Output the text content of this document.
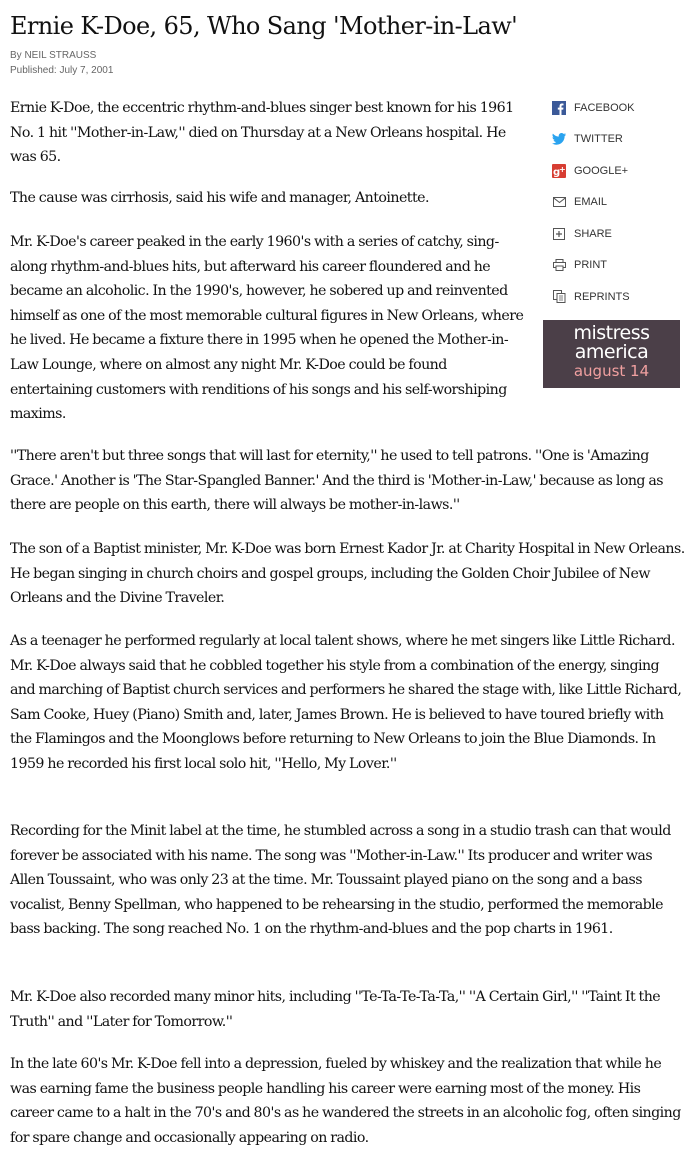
Ernie K-Doe, 65, Who Sang 'Mother-in-Law'
By NEIL STRAUSS
Published: July 7, 2001

Ernie K-Doe, the eccentric rhythm-and-blues singer best known for his 1961 No. 1 hit ''Mother-in-Law,'' died on Thursday at a New Orleans hospital. He was 65.

The cause was cirrhosis, said his wife and manager, Antoinette.

Mr. K-Doe's career peaked in the early 1960's with a series of catchy, sing-along rhythm-and-blues hits, but afterward his career floundered and he became an alcoholic. In the 1990's, however, he sobered up and reinvented himself as one of the most memorable cultural figures in New Orleans, where he lived. He became a fixture there in 1995 when he opened the Mother-in-Law Lounge, where on almost any night Mr. K-Doe could be found entertaining customers with renditions of his songs and his self-worshiping maxims.

''There aren't but three songs that will last for eternity,'' he used to tell patrons. ''One is 'Amazing Grace.' Another is 'The Star-Spangled Banner.' And the third is 'Mother-in-Law,' because as long as there are people on this earth, there will always be mother-in-laws.''

The son of a Baptist minister, Mr. K-Doe was born Ernest Kador Jr. at Charity Hospital in New Orleans. He began singing in church choirs and gospel groups, including the Golden Choir Jubilee of New Orleans and the Divine Traveler.

As a teenager he performed regularly at local talent shows, where he met singers like Little Richard. Mr. K-Doe always said that he cobbled together his style from a combination of the energy, singing and marching of Baptist church services and performers he shared the stage with, like Little Richard, Sam Cooke, Huey (Piano) Smith and, later, James Brown. He is believed to have toured briefly with the Flamingos and the Moonglows before returning to New Orleans to join the Blue Diamonds. In 1959 he recorded his first local solo hit, ''Hello, My Lover.''

Recording for the Minit label at the time, he stumbled across a song in a studio trash can that would forever be associated with his name. The song was ''Mother-in-Law.'' Its producer and writer was Allen Toussaint, who was only 23 at the time. Mr. Toussaint played piano on the song and a bass vocalist, Benny Spellman, who happened to be rehearsing in the studio, performed the memorable bass backing. The song reached No. 1 on the rhythm-and-blues and the pop charts in 1961.

Mr. K-Doe also recorded many minor hits, including ''Te-Ta-Te-Ta-Ta,'' ''A Certain Girl,'' ''Taint It the Truth'' and ''Later for Tomorrow.''

In the late 60's Mr. K-Doe fell into a depression, fueled by whiskey and the realization that while he was earning fame the business people handling his career were earning most of the money. His career came to a halt in the 70's and 80's as he wandered the streets in an alcoholic fog, often singing for spare change and occasionally appearing on radio.

FACEBOOK
TWITTER
g
+ GOOGLE+
EMAIL
SHARE
PRINT
REPRINTS
mistress
america
august 14
